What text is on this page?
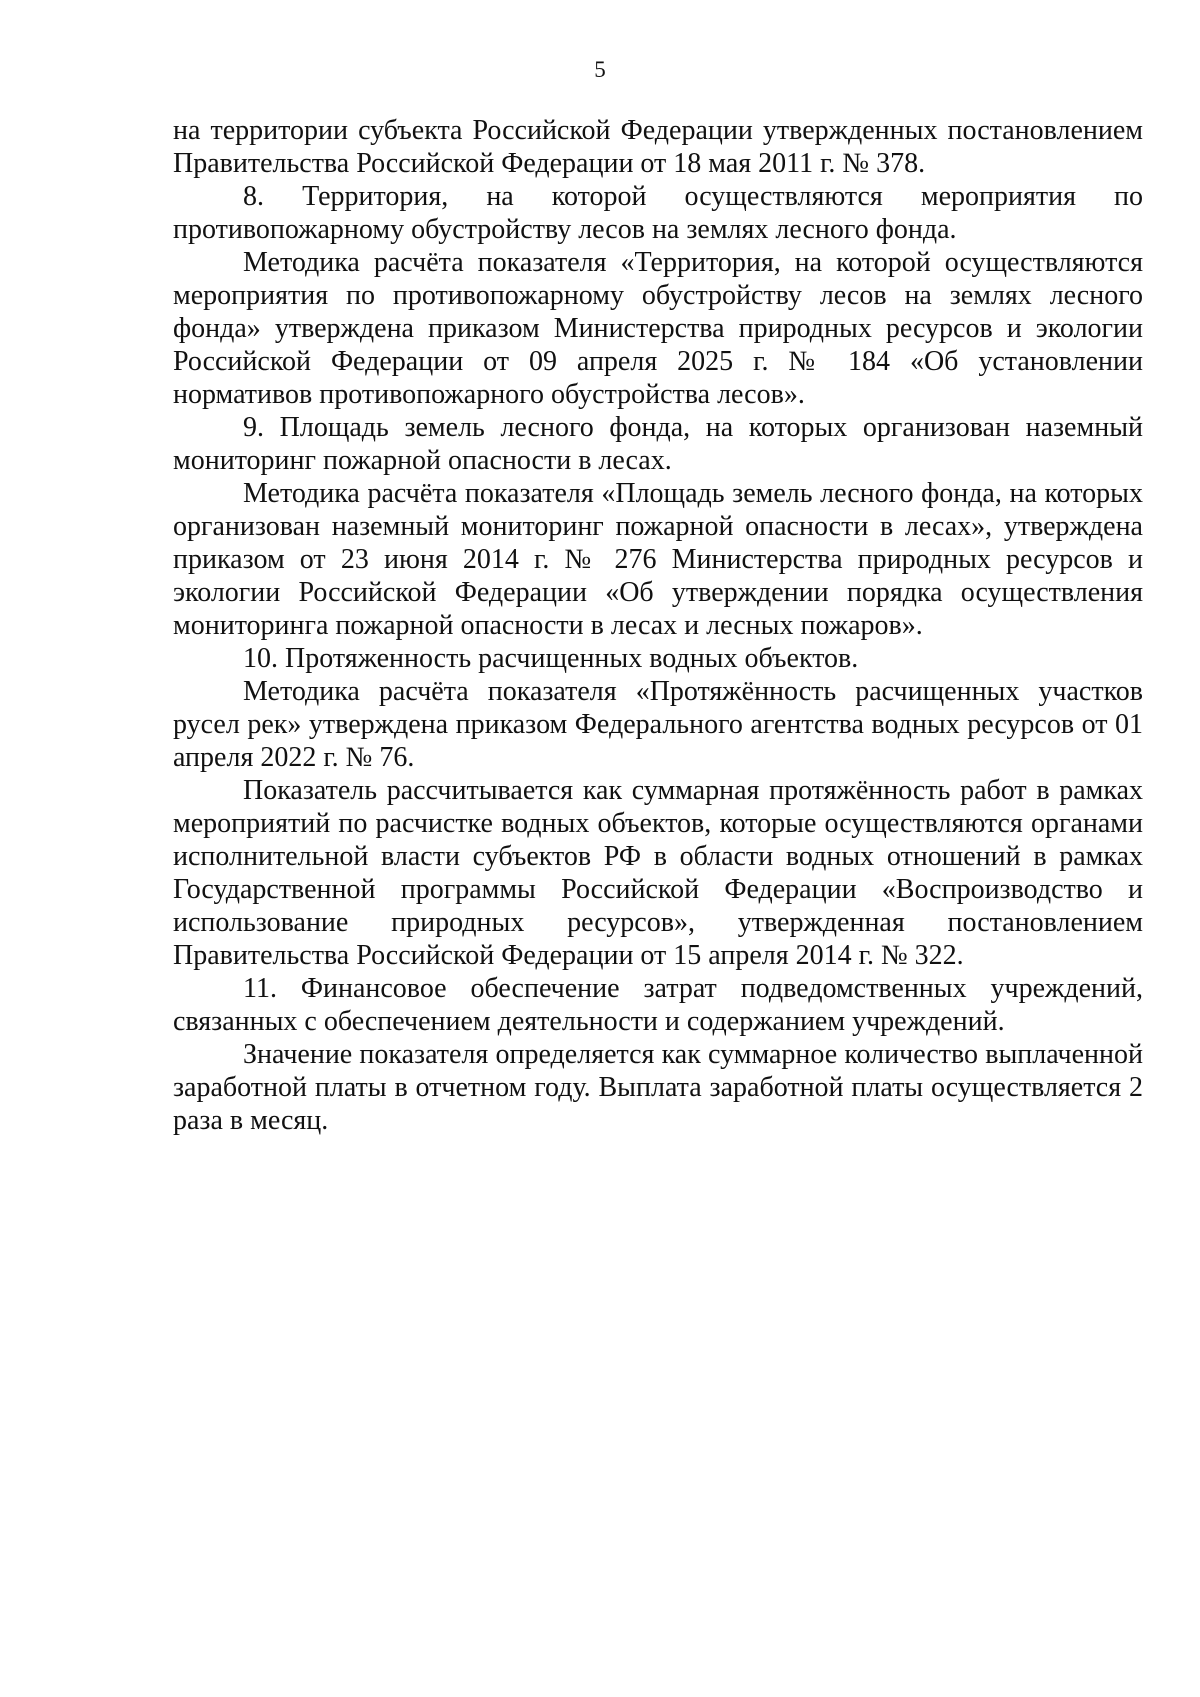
5

на территории субъекта Российской Федерации утвержденных постановлением Правительства Российской Федерации от 18 мая 2011 г. № 378.

8. Территория, на которой осуществляются мероприятия по противопожарному обустройству лесов на землях лесного фонда.

Методика расчёта показателя «Территория, на которой осуществляются мероприятия по противопожарному обустройству лесов на землях лесного фонда» утверждена приказом Министерства природных ресурсов и экологии Российской Федерации от 09 апреля 2025 г. № 184 «Об установлении нормативов противопожарного обустройства лесов».

9. Площадь земель лесного фонда, на которых организован наземный мониторинг пожарной опасности в лесах.

Методика расчёта показателя «Площадь земель лесного фонда, на которых организован наземный мониторинг пожарной опасности в лесах», утверждена приказом от 23 июня 2014 г. № 276 Министерства природных ресурсов и экологии Российской Федерации «Об утверждении порядка осуществления мониторинга пожарной опасности в лесах и лесных пожаров».

10. Протяженность расчищенных водных объектов.

Методика расчёта показателя «Протяжённость расчищенных участков русел рек» утверждена приказом Федерального агентства водных ресурсов от 01 апреля 2022 г. № 76.

Показатель рассчитывается как суммарная протяжённость работ в рамках мероприятий по расчистке водных объектов, которые осуществляются органами исполнительной власти субъектов РФ в области водных отношений в рамках Государственной программы Российской Федерации «Воспроизводство и использование природных ресурсов», утвержденная постановлением Правительства Российской Федерации от 15 апреля 2014 г. № 322.

11. Финансовое обеспечение затрат подведомственных учреждений, связанных с обеспечением деятельности и содержанием учреждений.

Значение показателя определяется как суммарное количество выплаченной заработной платы в отчетном году. Выплата заработной платы осуществляется 2 раза в месяц.
